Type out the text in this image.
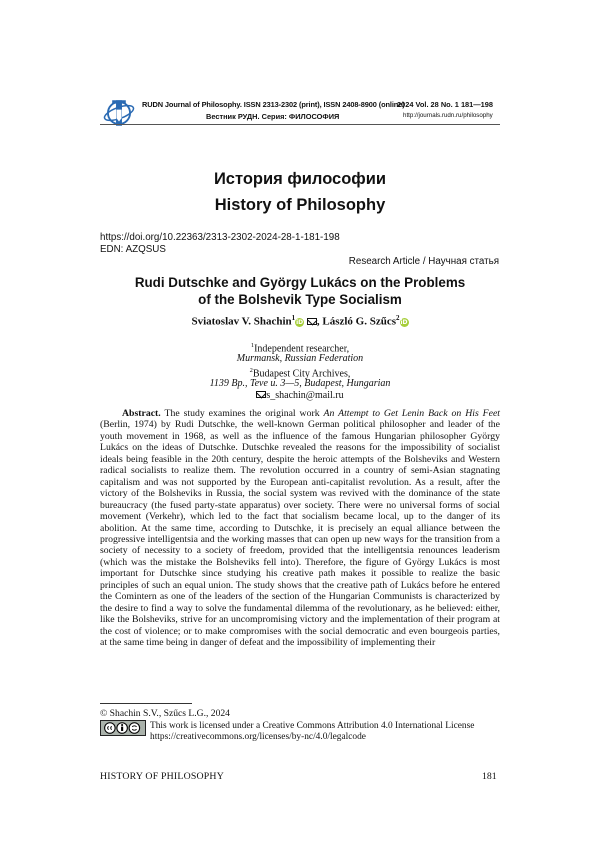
RUDN Journal of Philosophy. ISSN 2313-2302 (print), ISSN 2408-8900 (online)
Вестник РУДН. Серия: ФИЛОСОФИЯ
2024 Vol. 28 No. 1 181—198
http://journals.rudn.ru/philosophy
История философии
History of Philosophy
https://doi.org/10.22363/2313-2302-2024-28-1-181-198
EDN: AZQSUS
Research Article / Научная статья
Rudi Dutschke and György Lukács on the Problems
of the Bolshevik Type Socialism
Sviatoslav V. Shachin$^1$iD , László G. Szűcs$^2$iD
$^1$Independent researcher,
Murmansk, Russian Federation
$^2$Budapest City Archives,
1139 Bp., Teve u. 3—5, Budapest, Hungarian
s_shachin@mail.ru

Abstract. The study examines the original work An Attempt to Get Lenin Back on His Feet (Berlin, 1974) by Rudi Dutschke, the well-known German political philosopher and leader of the youth movement in 1968, as well as the influence of the famous Hungarian philosopher György Lukács on the ideas of Dutschke. Dutschke revealed the reasons for the impossibility of socialist ideals being feasible in the 20th century, despite the heroic attempts of the Bolsheviks and Western radical socialists to realize them. The revolution occurred in a country of semi-Asian stagnating capitalism and was not supported by the European anti-capitalist revolution. As a result, after the victory of the Bolsheviks in Russia, the social system was revived with the dominance of the state bureaucracy (the fused party-state apparatus) over society. There were no universal forms of social movement (Verkehr), which led to the fact that socialism became local, up to the danger of its abolition. At the same time, according to Dutschke, it is precisely an equal alliance between the progressive intelligentsia and the working masses that can open up new ways for the transition from a society of necessity to a society of freedom, provided that the intelligentsia renounces leaderism (which was the mistake the Bolsheviks fell into). Therefore, the figure of György Lukács is most important for Dutschke since studying his creative path makes it possible to realize the basic principles of such an equal union. The study shows that the creative path of Lukács before he entered the Comintern as one of the leaders of the section of the Hungarian Communists is characterized by the desire to find a way to solve the fundamental dilemma of the revolutionary, as he believed: either, like the Bolsheviks, strive for an uncompromising victory and the implementation of their program at the cost of violence; or to make compromises with the social democratic and even bourgeois parties, at the same time being in danger of defeat and the impossibility of implementing their

© Shachin S.V., Szűcs L.G., 2024
This work is licensed under a Creative Commons Attribution 4.0 International License
https://creativecommons.org/licenses/by-nc/4.0/legalcode
HISTORY OF PHILOSOPHY	181
